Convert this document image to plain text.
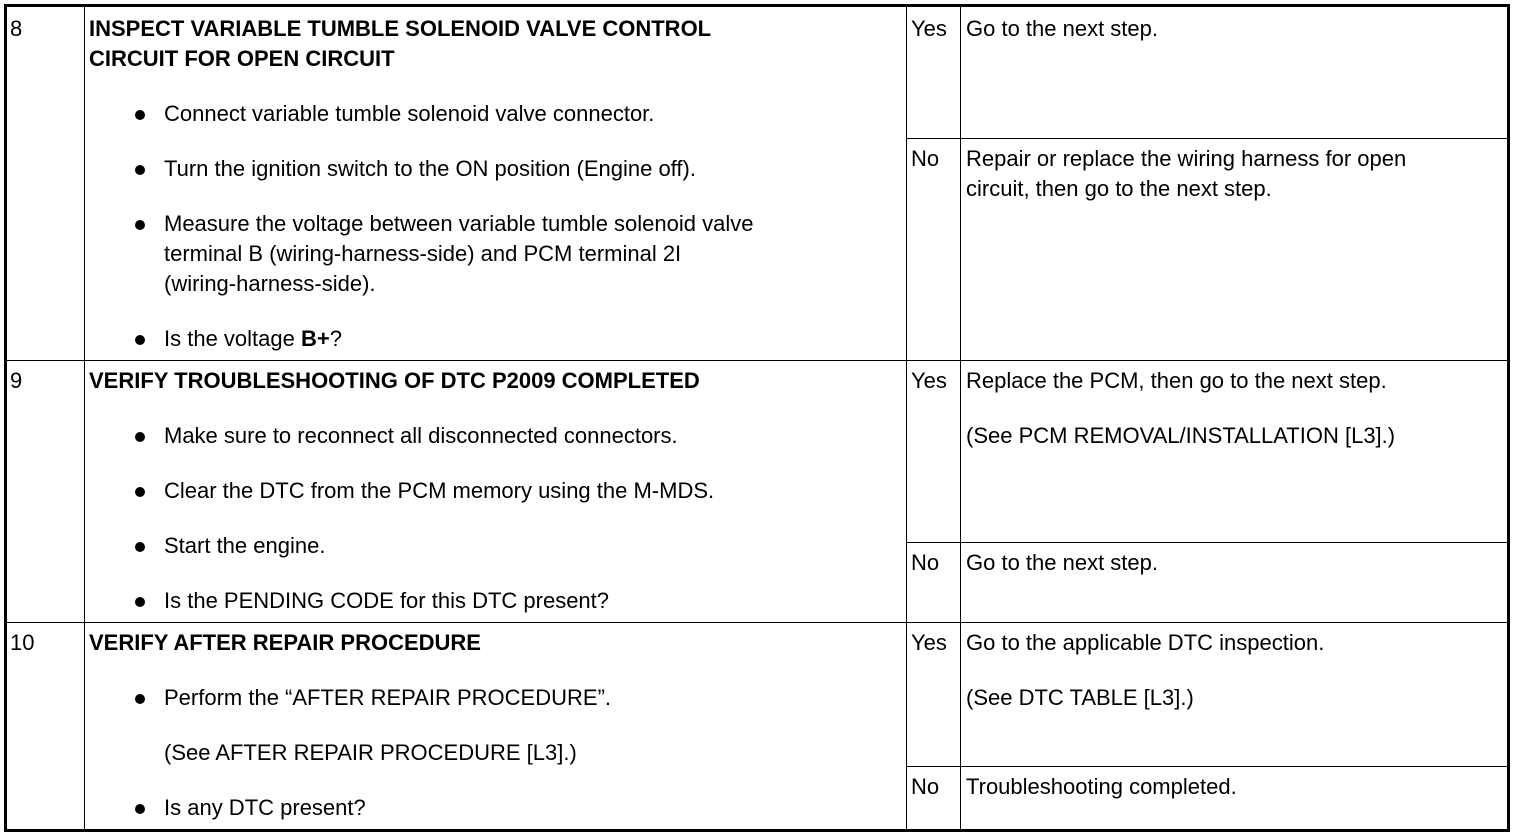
8	INSPECT VARIABLE TUMBLE SOLENOID VALVE CONTROL
CIRCUIT FOR OPEN CIRCUIT
Connect variable tumble solenoid valve connector.
Turn the ignition switch to the ON position (Engine off).
Measure the voltage between variable tumble solenoid valve
terminal B (wiring-harness-side) and PCM terminal 2I
(wiring-harness-side).
Is the voltage B+?
Yes Go to the next step.
No Repair or replace the wiring harness for open
circuit, then go to the next step.
9	VERIFY TROUBLESHOOTING OF DTC P2009 COMPLETED
Make sure to reconnect all disconnected connectors.
Clear the DTC from the PCM memory using the M-MDS.
Start the engine.
Is the PENDING CODE for this DTC present?
Yes Replace the PCM, then go to the next step.
(See PCM REMOVAL/INSTALLATION [L3].)
No Go to the next step.
10 VERIFY AFTER REPAIR PROCEDURE
Perform the “AFTER REPAIR PROCEDURE”.
(See AFTER REPAIR PROCEDURE [L3].)
Is any DTC present?
Yes Go to the applicable DTC inspection.
(See DTC TABLE [L3].)
No Troubleshooting completed.
